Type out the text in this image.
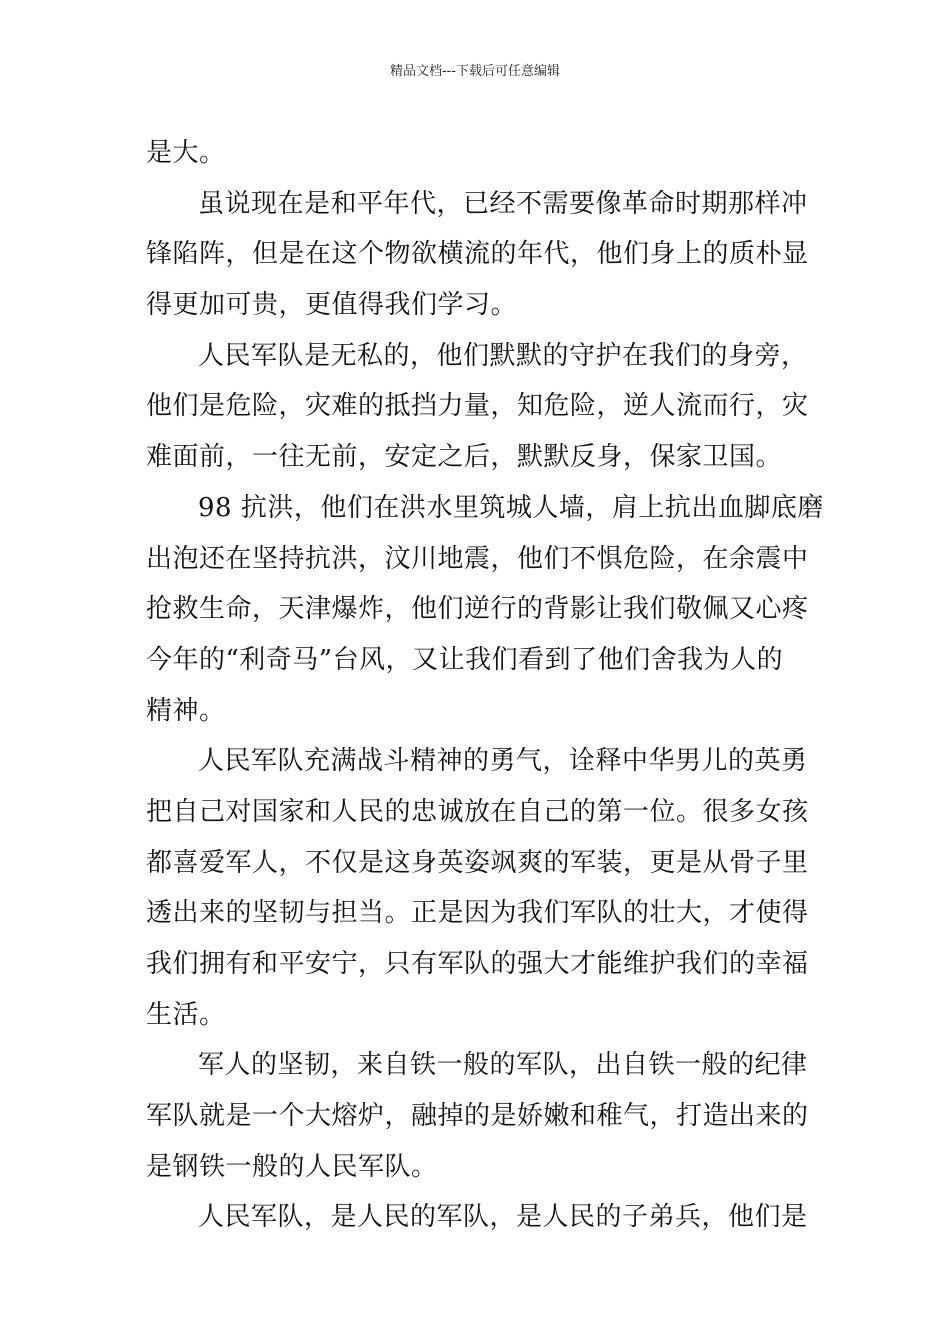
精品文档---下载后可任意编辑
是大。
虽说现在是和平年代，已经不需要像革命时期那样冲
锋陷阵，但是在这个物欲横流的年代，他们身上的质朴显
得更加可贵，更值得我们学习。
人民军队是无私的，他们默默的守护在我们的身旁，
他们是危险，灾难的抵挡力量，知危险，逆人流而行，灾
难面前，一往无前，安定之后，默默反身，保家卫国。
98 抗洪，他们在洪水里筑城人墙，肩上抗出血脚底磨
出泡还在坚持抗洪，汶川地震，他们不惧危险，在余震中
抢救生命，天津爆炸，他们逆行的背影让我们敬佩又心疼
今年的“利奇马”台风，又让我们看到了他们舍我为人的
精神。
人民军队充满战斗精神的勇气，诠释中华男儿的英勇
把自己对国家和人民的忠诚放在自己的第一位。很多女孩
都喜爱军人，不仅是这身英姿飒爽的军装，更是从骨子里
透出来的坚韧与担当。正是因为我们军队的壮大，才使得
我们拥有和平安宁，只有军队的强大才能维护我们的幸福
生活。
军人的坚韧，来自铁一般的军队，出自铁一般的纪律
军队就是一个大熔炉，融掉的是娇嫩和稚气，打造出来的
是钢铁一般的人民军队。
人民军队，是人民的军队，是人民的子弟兵，他们是
